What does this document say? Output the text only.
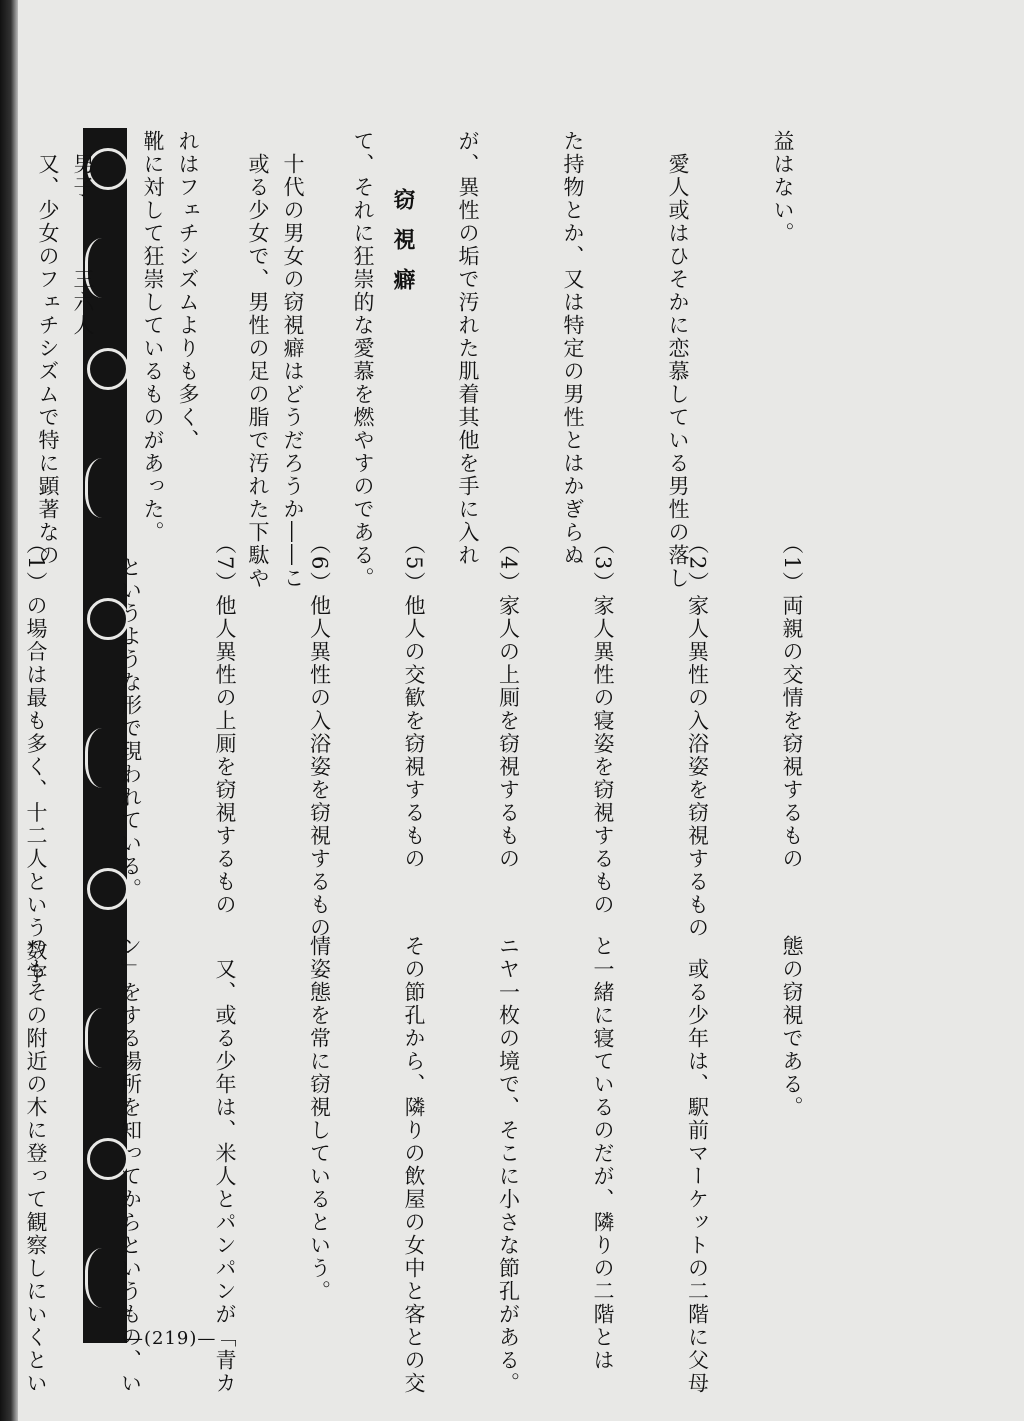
益はない。

　愛人或はひそかに恋慕している男性の落し

た持物とか、又は特定の男性とはかぎらぬ

が、異性の垢で汚れた肌着其他を手に入れ

て、それに狂崇的な愛慕を燃やすのである。

　或る少女で、男性の足の脂で汚れた下駄や

靴に対して狂崇しているものがあった。

　又、少女のフェチシズムで特に顕著なの

	窃視癖

　十代の男女の窃視癖はどうだろうか――こ

れはフェチシズムよりも多く、

　男子　　　三六人

（1）両親の交情を窃視するもの

（2）家人異性の入浴姿を窃視するもの

（3）家人異性の寝姿を窃視するもの

（4）家人の上厠を窃視するもの

（5）他人の交歓を窃視するもの

（6）他人異性の入浴姿を窃視するもの

（7）他人異性の上厠を窃視するもの

　というような形で現われている。

（1）の場合は最も多く、十二人という数字

態の窃視である。

　或る少年は、駅前マーケットの二階に父母

と一緒に寝ているのだが、隣りの二階とは

ニヤ一枚の境で、そこに小さな節孔がある。

その節孔から、隣りの飲屋の女中と客との交

情姿態を常に窃視しているという。

　又、或る少年は、米人とパンパンが「青カ

ン」をする場所を知ってからというもの、い

つもその附近の木に登って観察しにいくとい

	—(219)—
